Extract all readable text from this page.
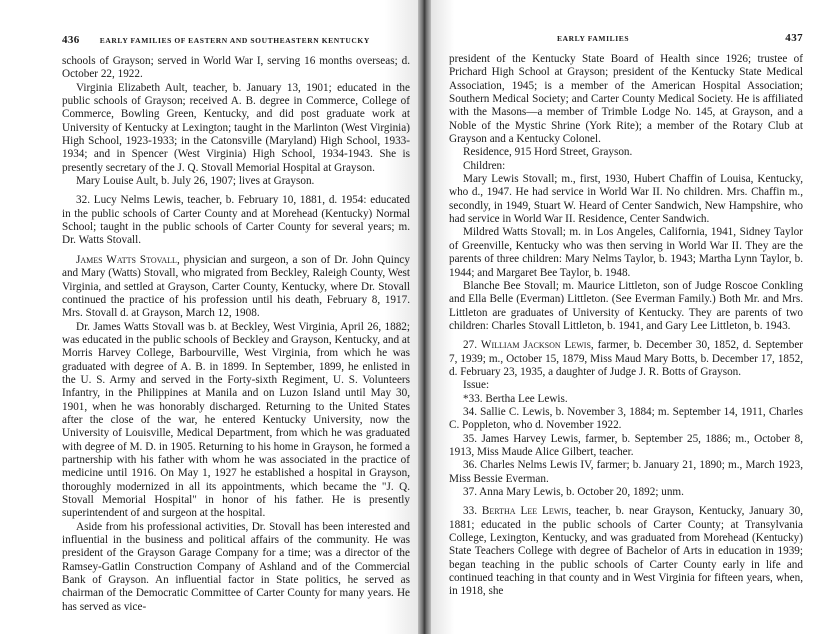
436	EARLY FAMILIES OF EASTERN AND SOUTHEASTERN KENTUCKY

schools of Grayson; served in World War I, serving 16 months overseas; d. October 22, 1922.

Virginia Elizabeth Ault, teacher, b. January 13, 1901; educated in the public schools of Grayson; received A. B. degree in Commerce, College of Commerce, Bowling Green, Kentucky, and did post graduate work at University of Kentucky at Lexington; taught in the Marlinton (West Virginia) High School, 1923-1933; in the Catonsville (Maryland) High School, 1933-1934; and in Spencer (West Virginia) High School, 1934-1943. She is presently secretary of the J. Q. Stovall Memorial Hospital at Grayson.

Mary Louise Ault, b. July 26, 1907; lives at Grayson.

32. Lucy Nelms Lewis, teacher, b. February 10, 1881, d. 1954: educated in the public schools of Carter County and at Morehead (Kentucky) Normal School; taught in the public schools of Carter County for several years; m. Dr. Watts Stovall.

James Watts Stovall, physician and surgeon, a son of Dr. John Quincy and Mary (Watts) Stovall, who migrated from Beckley, Raleigh County, West Virginia, and settled at Grayson, Carter County, Kentucky, where Dr. Stovall continued the practice of his profession until his death, February 8, 1917. Mrs. Stovall d. at Grayson, March 12, 1908.

Dr. James Watts Stovall was b. at Beckley, West Virginia, April 26, 1882; was educated in the public schools of Beckley and Grayson, Kentucky, and at Morris Harvey College, Barbourville, West Virginia, from which he was graduated with degree of A. B. in 1899. In September, 1899, he enlisted in the U. S. Army and served in the Forty-sixth Regiment, U. S. Volunteers Infantry, in the Philippines at Manila and on Luzon Island until May 30, 1901, when he was honorably discharged. Returning to the United States after the close of the war, he entered Kentucky University, now the University of Louisville, Medical Department, from which he was graduated with degree of M. D. in 1905. Returning to his home in Grayson, he formed a partnership with his father with whom he was associated in the practice of medicine until 1916. On May 1, 1927 he established a hospital in Grayson, thoroughly modernized in all its appointments, which became the "J. Q. Stovall Memorial Hospital" in honor of his father. He is presently superintendent of and surgeon at the hospital.

Aside from his professional activities, Dr. Stovall has been interested and influential in the business and political affairs of the community. He was president of the Grayson Garage Company for a time; was a director of the Ramsey-Gatlin Construction Company of Ashland and of the Commercial Bank of Grayson. An influential factor in State politics, he served as chairman of the Democratic Committee of Carter County for many years. He has served as vice-

EARLY FAMILIES	437

president of the Kentucky State Board of Health since 1926; trustee of Prichard High School at Grayson; president of the Kentucky State Medical Association, 1945; is a member of the American Hospital Association; Southern Medical Society; and Carter County Medical Society. He is affiliated with the Masons—a member of Trimble Lodge No. 145, at Grayson, and a Noble of the Mystic Shrine (York Rite); a member of the Rotary Club at Grayson and a Kentucky Colonel.

Residence, 915 Hord Street, Grayson.

Children:

Mary Lewis Stovall; m., first, 1930, Hubert Chaffin of Louisa, Kentucky, who d., 1947. He had service in World War II. No children. Mrs. Chaffin m., secondly, in 1949, Stuart W. Heard of Center Sandwich, New Hampshire, who had service in World War II. Residence, Center Sandwich.

Mildred Watts Stovall; m. in Los Angeles, California, 1941, Sidney Taylor of Greenville, Kentucky who was then serving in World War II. They are the parents of three children: Mary Nelms Taylor, b. 1943; Martha Lynn Taylor, b. 1944; and Margaret Bee Taylor, b. 1948.

Blanche Bee Stovall; m. Maurice Littleton, son of Judge Roscoe Conkling and Ella Belle (Everman) Littleton. (See Everman Family.) Both Mr. and Mrs. Littleton are graduates of University of Kentucky. They are parents of two children: Charles Stovall Littleton, b. 1941, and Gary Lee Littleton, b. 1943.

27. William Jackson Lewis, farmer, b. December 30, 1852, d. September 7, 1939; m., October 15, 1879, Miss Maud Mary Botts, b. December 17, 1852, d. February 23, 1935, a daughter of Judge J. R. Botts of Grayson.

Issue:

*33. Bertha Lee Lewis.

34. Sallie C. Lewis, b. November 3, 1884; m. September 14, 1911, Charles C. Poppleton, who d. November 1922.

35. James Harvey Lewis, farmer, b. September 25, 1886; m., October 8, 1913, Miss Maude Alice Gilbert, teacher.

36. Charles Nelms Lewis IV, farmer; b. January 21, 1890; m., March 1923, Miss Bessie Everman.

37. Anna Mary Lewis, b. October 20, 1892; unm.

33. Bertha Lee Lewis, teacher, b. near Grayson, Kentucky, January 30, 1881; educated in the public schools of Carter County; at Transylvania College, Lexington, Kentucky, and was graduated from Morehead (Kentucky) State Teachers College with degree of Bachelor of Arts in education in 1939; began teaching in the public schools of Carter County early in life and continued teaching in that county and in West Virginia for fifteen years, when, in 1918, she
